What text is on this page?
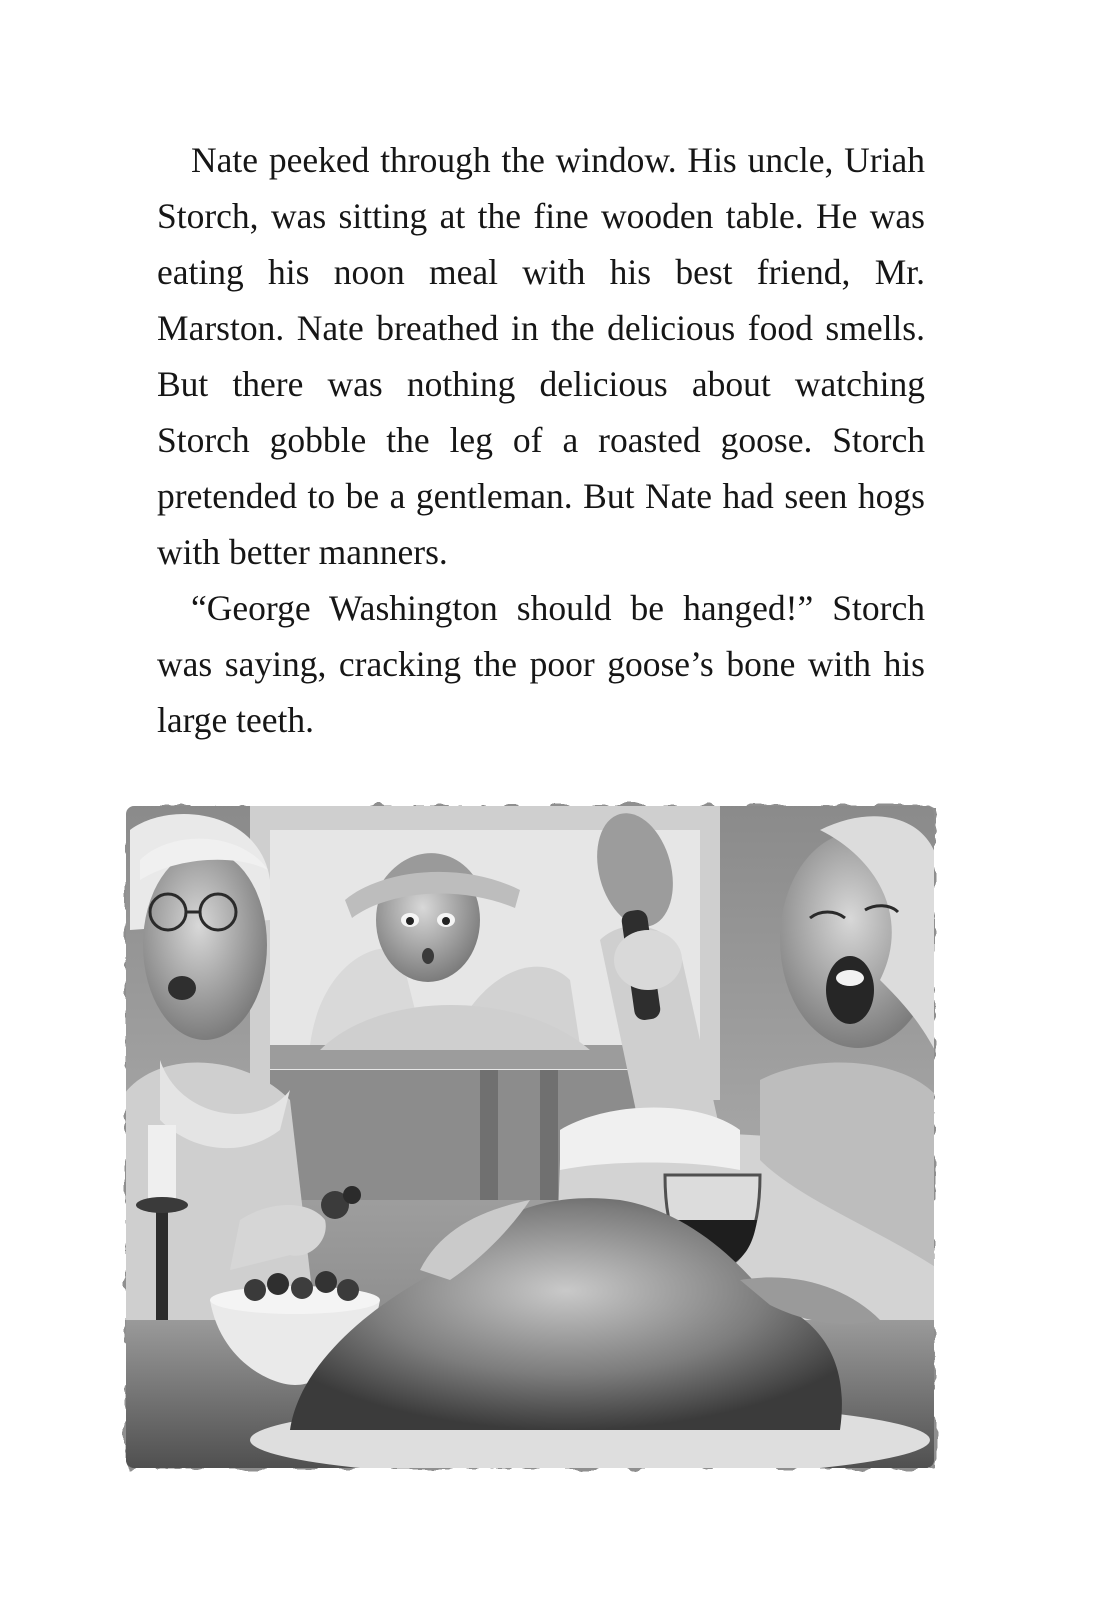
Nate peeked through the window. His uncle, Uriah Storch, was sitting at the fine wooden table. He was eating his noon meal with his best friend, Mr. Marston. Nate breathed in the delicious food smells. But there was nothing delicious about watching Storch gobble the leg of a roasted goose. Storch pretended to be a gentleman. But Nate had seen hogs with better manners.

“George Washington should be hanged!” Storch was saying, cracking the poor goose’s bone with his large teeth.
